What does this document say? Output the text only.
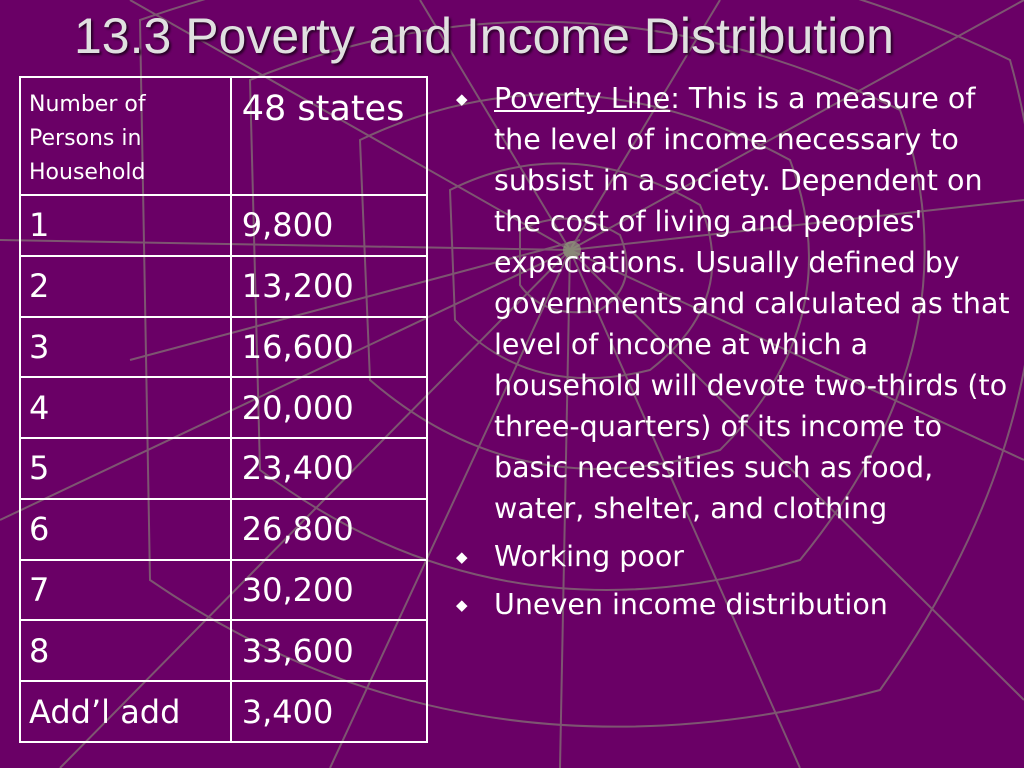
13.3 Poverty and Income Distribution
Number of Persons in Household	48 states
1	9,800
2	13,200
3	16,600
4	20,000
5	23,400
6	26,800
7	30,200
8	33,600
Add’l add	3,400
◆ Poverty Line: This is a measure of the level of income necessary to subsist in a society. Dependent on the cost of living and peoples' expectations. Usually defined by governments and calculated as that level of income at which a household will devote two-thirds (to three-quarters) of its income to basic necessities such as food, water, shelter, and clothing
◆ Working poor
◆ Uneven income distribution
